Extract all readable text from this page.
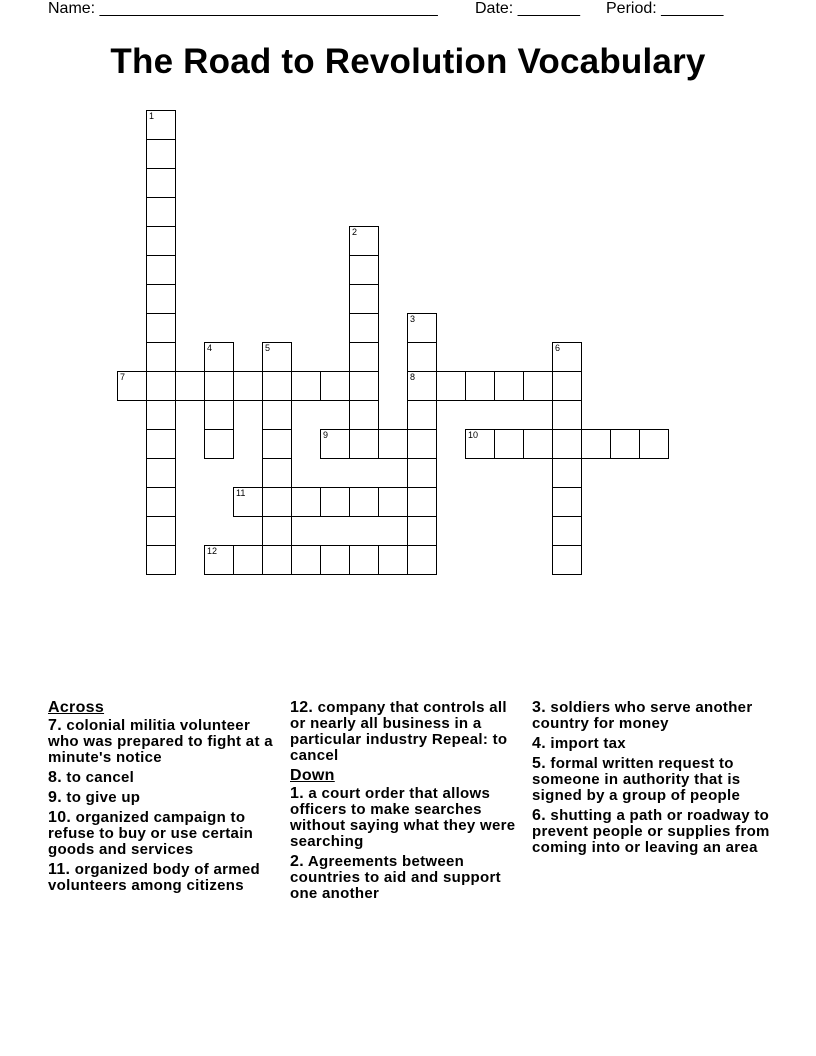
Name: ______________________________________

Date: _______

Period: _______

The Road to Revolution Vocabulary
1
2
3
8
4	5	6
7
9	10
11
12
Across
7. colonial militia volunteer who was prepared to fight at a minute's notice
8. to cancel
9. to give up
10. organized campaign to refuse to buy or use certain goods and services
11. organized body of armed volunteers among citizens
12. company that controls all or nearly all business in a particular industry Repeal: to cancel
Down
1. a court order that allows officers to make searches without saying what they were searching
2. Agreements between countries to aid and support one another
3. soldiers who serve another country for money
4. import tax
5. formal written request to someone in authority that is signed by a group of people
6. shutting a path or roadway to prevent people or supplies from coming into or leaving an area
